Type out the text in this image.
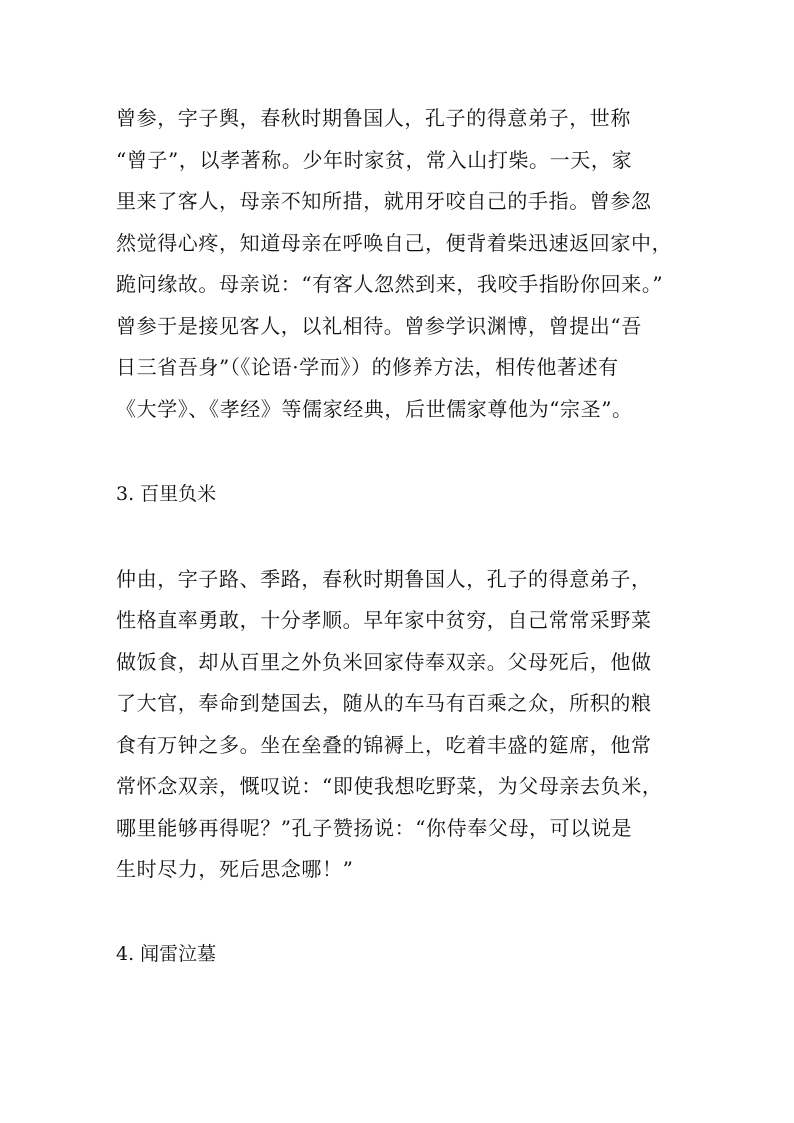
曾参，字子舆，春秋时期鲁国人，孔子的得意弟子，世称
“曾子”，以孝著称。少年时家贫，常入山打柴。一天，家
里来了客人，母亲不知所措，就用牙咬自己的手指。曾参忽
然觉得心疼，知道母亲在呼唤自己，便背着柴迅速返回家中，
跪问缘故。母亲说：“有客人忽然到来，我咬手指盼你回来。”
曾参于是接见客人，以礼相待。曾参学识渊博，曾提出“吾
日三省吾身”（《论语·学而》）的修养方法，相传他著述有
《大学》、《孝经》等儒家经典，后世儒家尊他为“宗圣”。
3. 百里负米
仲由，字子路、季路，春秋时期鲁国人，孔子的得意弟子，
性格直率勇敢，十分孝顺。早年家中贫穷，自己常常采野菜
做饭食，却从百里之外负米回家侍奉双亲。父母死后，他做
了大官，奉命到楚国去，随从的车马有百乘之众，所积的粮
食有万钟之多。坐在垒叠的锦褥上，吃着丰盛的筵席，他常
常怀念双亲，慨叹说：“即使我想吃野菜，为父母亲去负米，
哪里能够再得呢？”孔子赞扬说：“你侍奉父母，可以说是
生时尽力，死后思念哪！”
4. 闻雷泣墓
